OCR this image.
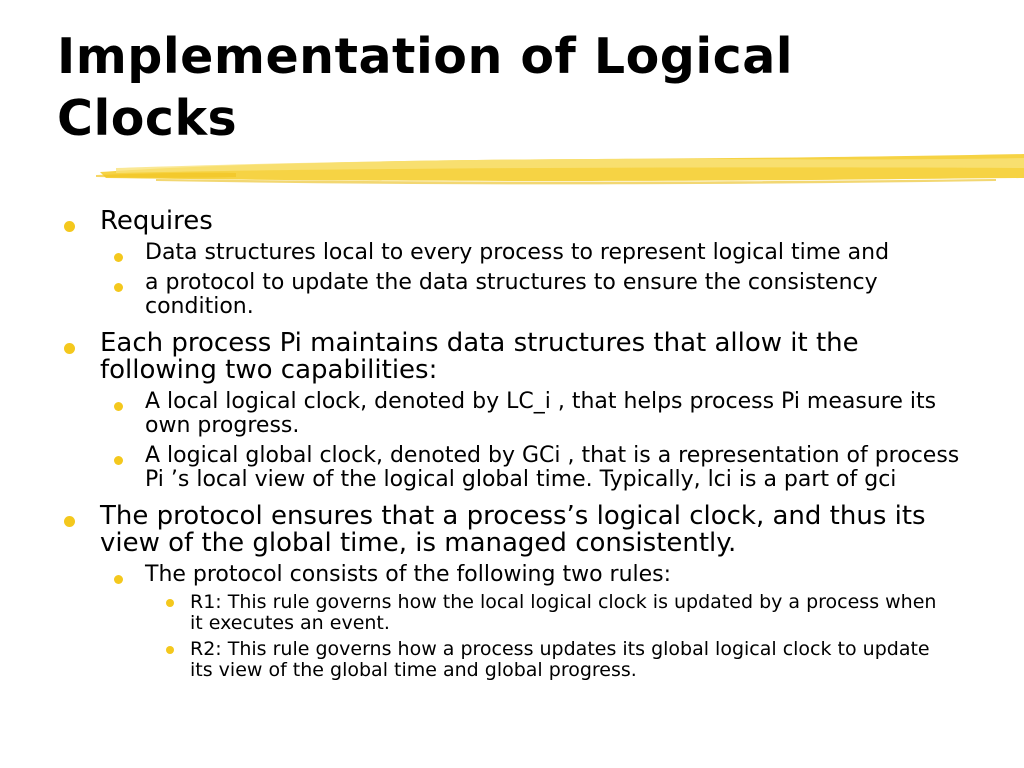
Implementation of Logical Clocks
Requires
Data structures local to every process to represent logical time and
a protocol to update the data structures to ensure the consistency condition.
Each process Pi maintains data structures that allow it the following two capabilities:
A local logical clock, denoted by LC_i , that helps process Pi measure its own progress.
A logical global clock, denoted by GCi , that is a representation of process Pi ’s local view of the logical global time. Typically, lci is a part of gci
The protocol ensures that a process’s logical clock, and thus its view of the global time, is managed consistently.
The protocol consists of the following two rules:
R1: This rule governs how the local logical clock is updated by a process when it executes an event.
R2: This rule governs how a process updates its global logical clock to update its view of the global time and global progress.
